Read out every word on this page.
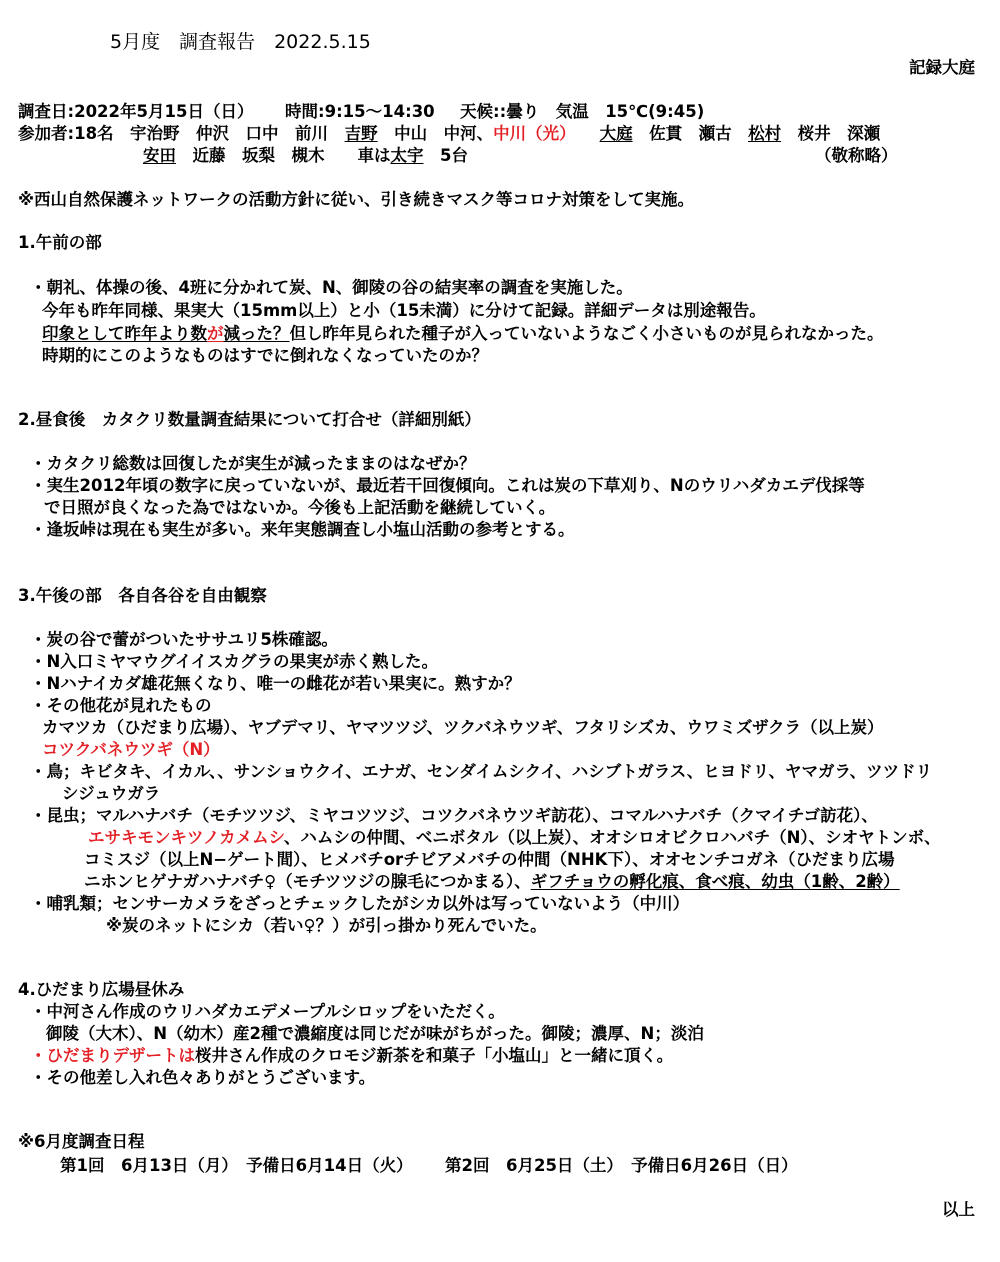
5月度　調査報告　2022.5.15
記録大庭
調査日:2022年5月15日（日） 時間:9:15～14:30 天候::曇り　気温　15℃(9:45)
参加者:18名　宇治野　仲沢　口中　前川　吉野　中山　中河、中川（光） 大庭　佐貫　瀬古　松村　桜井　深瀬
安田　近藤　坂梨　槻木　　車は太宇　5台	（敬称略）
※西山自然保護ネットワークの活動方針に従い、引き続きマスク等コロナ対策をして実施。
1.午前の部
・朝礼、体操の後、4班に分かれて炭、N、御陵の谷の結実率の調査を実施した。
今年も昨年同様、果実大（15mm以上）と小（15未満）に分けて記録。詳細データは別途報告。
印象として昨年より数が減った？但し昨年見られた種子が入っていないようなごく小さいものが見られなかった。
時期的にこのようなものはすでに倒れなくなっていたのか？
2.昼食後　カタクリ数量調査結果について打合せ（詳細別紙）
・カタクリ総数は回復したが実生が減ったままのはなぜか？
・実生2012年頃の数字に戻っていないが、最近若干回復傾向。これは炭の下草刈り、Nのウリハダカエデ伐採等
で日照が良くなった為ではないか。今後も上記活動を継続していく。
・逢坂峠は現在も実生が多い。来年実態調査し小塩山活動の参考とする。
3.午後の部　各自各谷を自由観察
・炭の谷で蕾がついたササユリ5株確認。
・N入口ミヤマウグイイスカグラの果実が赤く熟した。
・Nハナイカダ雄花無くなり、唯一の雌花が若い果実に。熟すか？
・その他花が見れたもの
カマツカ（ひだまり広場）、ヤブデマリ、ヤマツツジ、ツクバネウツギ、フタリシズカ、ウワミズザクラ（以上炭）
コツクバネウツギ（N）
・鳥；キビタキ、イカル、、サンショウクイ、エナガ、センダイムシクイ、ハシブトガラス、ヒヨドリ、ヤマガラ、ツツドリ
シジュウガラ
・昆虫；マルハナバチ（モチツツジ、ミヤコツツジ、コツクバネウツギ訪花）、コマルハナバチ（クマイチゴ訪花）、
エサキモンキツノカメムシ、ハムシの仲間、ベニボタル（以上炭）、オオシロオビクロハバチ（N）、シオヤトンボ、
コミスジ（以上N−ゲート間）、ヒメバチorチビアメバチの仲間（NHK下）、オオセンチコガネ（ひだまり広場
ニホンヒゲナガハナバチ♀（モチツツジの腺毛につかまる）、ギフチョウの孵化痕、食べ痕、幼虫（1齢、2齢）
・哺乳類；センサーカメラをざっとチェックしたがシカ以外は写っていないよう（中川）
※炭のネットにシカ（若い♀？）が引っ掛かり死んでいた。
4.ひだまり広場昼休み
・中河さん作成のウリハダカエデメープルシロップをいただく。
御陵（大木）、N（幼木）産2種で濃縮度は同じだが味がちがった。御陵；濃厚、N；淡泊
・ひだまりデザートは桜井さん作成のクロモジ新茶を和菓子「小塩山」と一緒に頂く。
・その他差し入れ色々ありがとうございます。
※6月度調査日程
第1回　6月13日（月）　予備日6月14日（火） 第2回　6月25日（土）　予備日6月26日（日）
以上
